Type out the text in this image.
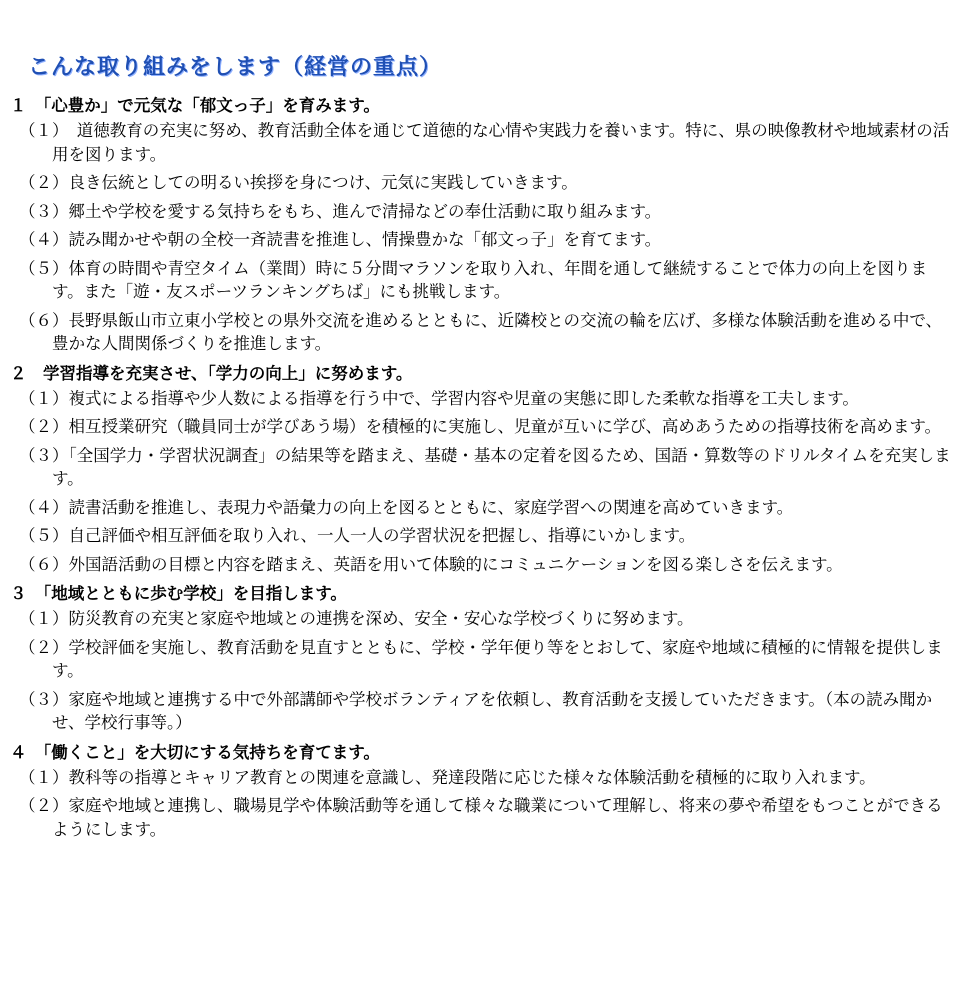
こんな取り組みをします（経営の重点）
１　「心豊か」で元気な「郁文っ子」を育みます。
（１）　道徳教育の充実に努め、教育活動全体を通じて道徳的な心情や実践力を養います。特に、県の映像教材や地域素材の活用を図ります。
（２）良き伝統としての明るい挨拶を身につけ、元気に実践していきます。
（３）郷土や学校を愛する気持ちをもち、進んで清掃などの奉仕活動に取り組みます。
（４）読み聞かせや朝の全校一斉読書を推進し、情操豊かな「郁文っ子」を育てます。
（５）体育の時間や青空タイム（業間）時に５分間マラソンを取り入れ、年間を通して継続することで体力の向上を図ります。また「遊・友スポーツランキングちば」にも挑戦します。
（６）長野県飯山市立東小学校との県外交流を進めるとともに、近隣校との交流の輪を広げ、多様な体験活動を進める中で、豊かな人間関係づくりを推進します。
２　学習指導を充実させ、「学力の向上」に努めます。
（１）複式による指導や少人数による指導を行う中で、学習内容や児童の実態に即した柔軟な指導を工夫します。
（２）相互授業研究（職員同士が学びあう場）を積極的に実施し、児童が互いに学び、高めあうための指導技術を高めます。
（３）「全国学力・学習状況調査」の結果等を踏まえ、基礎・基本の定着を図るため、国語・算数等のドリルタイムを充実します。
（４）読書活動を推進し、表現力や語彙力の向上を図るとともに、家庭学習への関連を高めていきます。
（５）自己評価や相互評価を取り入れ、一人一人の学習状況を把握し、指導にいかします。
（６）外国語活動の目標と内容を踏まえ、英語を用いて体験的にコミュニケーションを図る楽しさを伝えます。
３　「地域とともに歩む学校」を目指します。
（１）防災教育の充実と家庭や地域との連携を深め、安全・安心な学校づくりに努めます。
（２）学校評価を実施し、教育活動を見直すとともに、学校・学年便り等をとおして、家庭や地域に積極的に情報を提供します。
（３）家庭や地域と連携する中で外部講師や学校ボランティアを依頼し、教育活動を支援していただきます。（本の読み聞かせ、学校行事等。）
４　「働くこと」を大切にする気持ちを育てます。
（１）教科等の指導とキャリア教育との関連を意識し、発達段階に応じた様々な体験活動を積極的に取り入れます。
（２）家庭や地域と連携し、職場見学や体験活動等を通して様々な職業について理解し、将来の夢や希望をもつことができるようにします。
